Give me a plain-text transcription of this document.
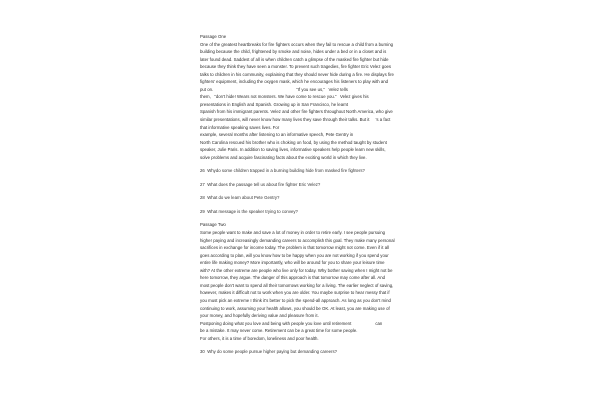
Passage One
One of the greatest heartbreaks for fire fighters occurs when they fail to rescue a child from a burning
building because the child, frightened by smoke and noise, hides under a bed or in a closet and is
later found dead. Saddest of all is when children catch a glimpse of the masked fire fighter but hide
because they think they have seen a monster. To prevent such tragedies, fire fighter Eric Velez goes
talks to children in his community, explaining that they should never hide during a fire. He displays fire
fighters’ equipment, including the oxygen mask, which he encourages his listeners to play with and
put on.                                                                     “If you see us,”   Velez tells
them,   “don’t hide! Wears not monsters. We have come to rescue you.”   Velez gives his
presentations in English and Spanish. Growing up in San Francisco, he learnt
Spanish from his immigrant parents. Velez and other fire fighters throughout North America, who give
similar presentations, will never know how many lives they save through their talks. But it     ’s a fact
that informative speaking saves lives. For
example, several months after listening to an informative speech, Pete Gentry in
North Carolina rescued his brother who is choking on food, by using the method taught by student
speaker, Julie Paris. In addition to saving lives, informative speakers help people learn new skills,
solve problems and acquire fascinating facts about the exciting world in which they live.
26  Whydo some children trapped in a burning building hide from masked fire fighters?
27  What does the passage tell us about fire fighter Eric Velez?
28  What do we learn about Pete Gentry?
29  What message is the speaker trying to convey?
Passage Two
Some people want to make and save a lot of money in order to retire early. I see people pursuing
higher paying and increasingly demanding careers to accomplish this goal. They make many personal
sacrifices in exchange for income today. The problem is that tomorrow might not come. Even if it all
goes according to plan, will you know how to be happy when you are not working if you spend your
entire life making money? More importantly, who will be around for you to share your leisure time
with? At the other extreme are people who live only for today. Why bother saving when I might not be
here tomorrow, they argue. The danger of this approach is that tomorrow may come after all. And
most people don't want to spend all their tomorrows working for a living. The earlier neglect of saving,
however, makes it difficult not to work when you are older. You maybe surprise to hear messy that if
you must pick an extreme I think it's better to pick the spend-all approach. As long as you don't mind
continuing to work, assuming your health allows, you should be OK. At least, you are making use of
your money, and hopefully deriving value and pleasure from it.
Postponing doing what you love and being with people you love until retirement                    can
be a mistake. It may never come. Retirement can be a great time for some people.
For others, it is a time of boredom, loneliness and poor health.
30  Why do some people pursue higher paying but demanding careers?
